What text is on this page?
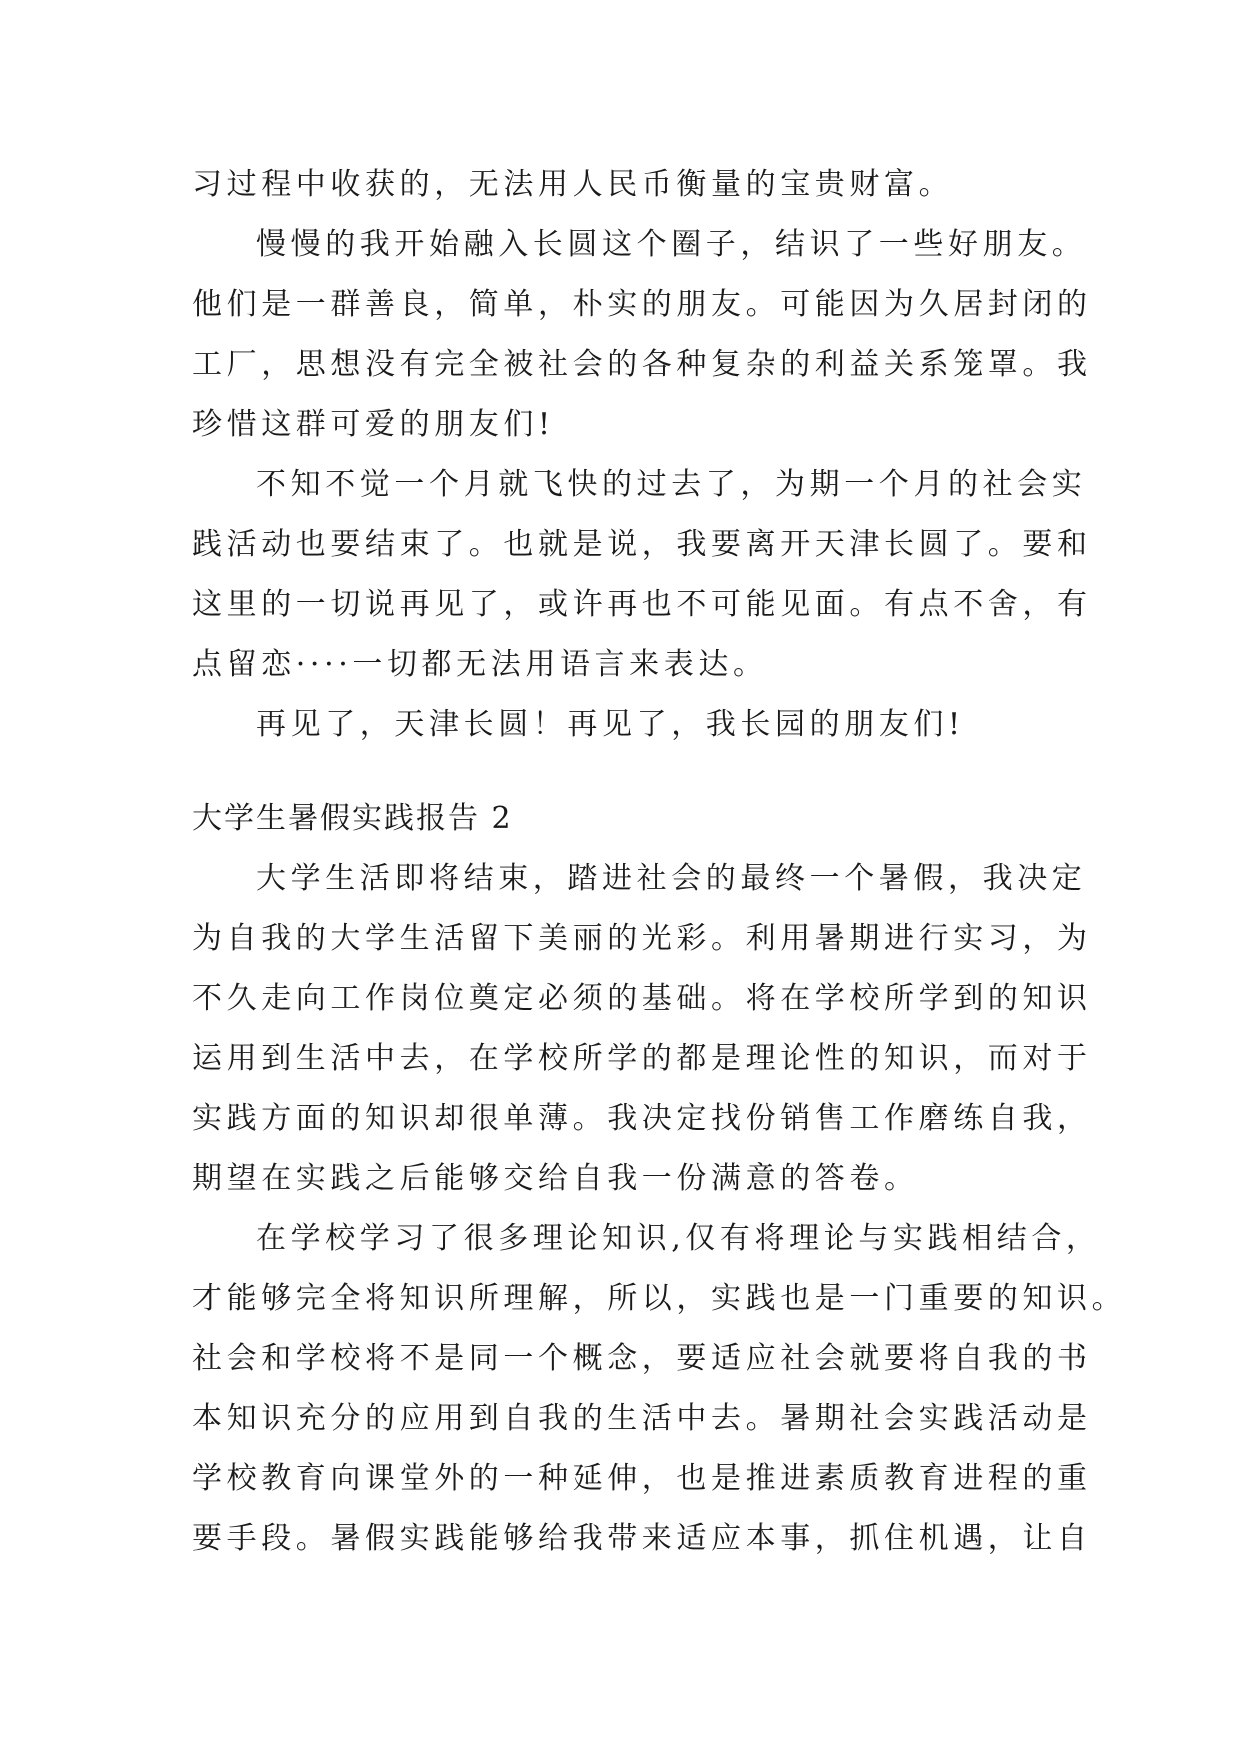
习过程中收获的，无法用人民币衡量的宝贵财富。
慢慢的我开始融入长圆这个圈子，结识了一些好朋友。
他们是一群善良，简单，朴实的朋友。可能因为久居封闭的
工厂，思想没有完全被社会的各种复杂的利益关系笼罩。我
珍惜这群可爱的朋友们!
不知不觉一个月就飞快的过去了，为期一个月的社会实
践活动也要结束了。也就是说，我要离开天津长圆了。要和
这里的一切说再见了，或许再也不可能见面。有点不舍，有
点留恋····一切都无法用语言来表达。
再见了，天津长圆！再见了，我长园的朋友们!
大学生暑假实践报告 2
大学生活即将结束，踏进社会的最终一个暑假，我决定
为自我的大学生活留下美丽的光彩。利用暑期进行实习，为
不久走向工作岗位奠定必须的基础。将在学校所学到的知识
运用到生活中去，在学校所学的都是理论性的知识，而对于
实践方面的知识却很单薄。我决定找份销售工作磨练自我，
期望在实践之后能够交给自我一份满意的答卷。
在学校学习了很多理论知识,仅有将理论与实践相结合，
才能够完全将知识所理解，所以，实践也是一门重要的知识。
社会和学校将不是同一个概念，要适应社会就要将自我的书
本知识充分的应用到自我的生活中去。暑期社会实践活动是
学校教育向课堂外的一种延伸，也是推进素质教育进程的重
要手段。暑假实践能够给我带来适应本事，抓住机遇，让自
